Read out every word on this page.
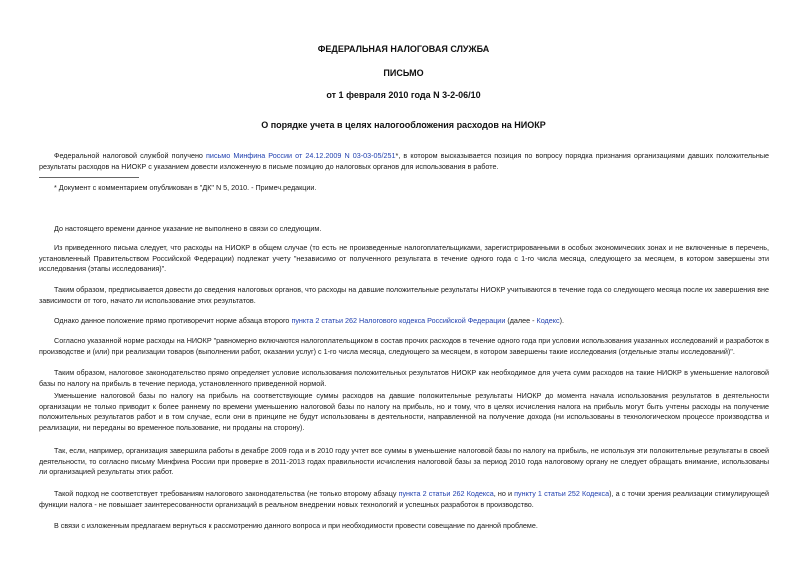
ФЕДЕРАЛЬНАЯ НАЛОГОВАЯ СЛУЖБА
ПИСЬМО
от 1 февраля 2010 года N 3-2-06/10
О порядке учета в целях налогообложения расходов на НИОКР

Федеральной налоговой службой получено письмо Минфина России от 24.12.2009 N 03-03-05/251*, в котором высказывается позиция по вопросу порядка признания организациями давших положительные результаты расходов на НИОКР с указанием довести изложенную в письме позицию до налоговых органов для использования в работе.

* Документ с комментарием опубликован в "ДК" N 5, 2010. - Примеч.редакции.

До настоящего времени данное указание не выполнено в связи со следующим.

Из приведенного письма следует, что расходы на НИОКР в общем случае (то есть не произведенные налогоплательщиками, зарегистрированными в особых экономических зонах и не включенные в перечень, установленный Правительством Российской Федерации) подлежат учету "независимо от полученного результата в течение одного года с 1-го числа месяца, следующего за месяцем, в котором завершены эти исследования (этапы исследования)".

Таким образом, предписывается довести до сведения налоговых органов, что расходы на давшие положительные результаты НИОКР учитываются в течение года со следующего месяца после их завершения вне зависимости от того, начато ли использование этих результатов.

Однако данное положение прямо противоречит норме абзаца второго пункта 2 статьи 262 Налогового кодекса Российской Федерации (далее - Кодекс).

Согласно указанной норме расходы на НИОКР "равномерно включаются налогоплательщиком в состав прочих расходов в течение одного года при условии использования указанных исследований и разработок в производстве и (или) при реализации товаров (выполнении работ, оказании услуг) с 1-го числа месяца, следующего за месяцем, в котором завершены такие исследования (отдельные этапы исследований)".

Таким образом, налоговое законодательство прямо определяет условие использования положительных результатов НИОКР как необходимое для учета сумм расходов на такие НИОКР в уменьшение налоговой базы по налогу на прибыль в течение периода, установленного приведенной нормой.

Уменьшение налоговой базы по налогу на прибыль на соответствующие суммы расходов на давшие положительные результаты НИОКР до момента начала использования результатов в деятельности организации не только приводит к более раннему по времени уменьшению налоговой базы по налогу на прибыль, но и тому, что в целях исчисления налога на прибыль могут быть учтены расходы на получение положительных результатов работ и в том случае, если они в принципе не будут использованы в деятельности, направленной на получение дохода (ни использованы в технологическом процессе производства и реализации, ни переданы во временное пользование, ни проданы на сторону).

Так, если, например, организация завершила работы в декабре 2009 года и в 2010 году учтет все суммы в уменьшение налоговой базы по налогу на прибыль, не используя эти положительные результаты в своей деятельности, то согласно письму Минфина России при проверке в 2011-2013 годах правильности исчисления налоговой базы за период 2010 года налоговому органу не следует обращать внимание, использованы ли организацией результаты этих работ.

Такой подход не соответствует требованиям налогового законодательства (не только второму абзацу пункта 2 статьи 262 Кодекса, но и пункту 1 статьи 252 Кодекса), а с точки зрения реализации стимулирующей функции налога - не повышает заинтересованности организаций в реальном внедрении новых технологий и успешных разработок в производство.

В связи с изложенным предлагаем вернуться к рассмотрению данного вопроса и при необходимости провести совещание по данной проблеме.
